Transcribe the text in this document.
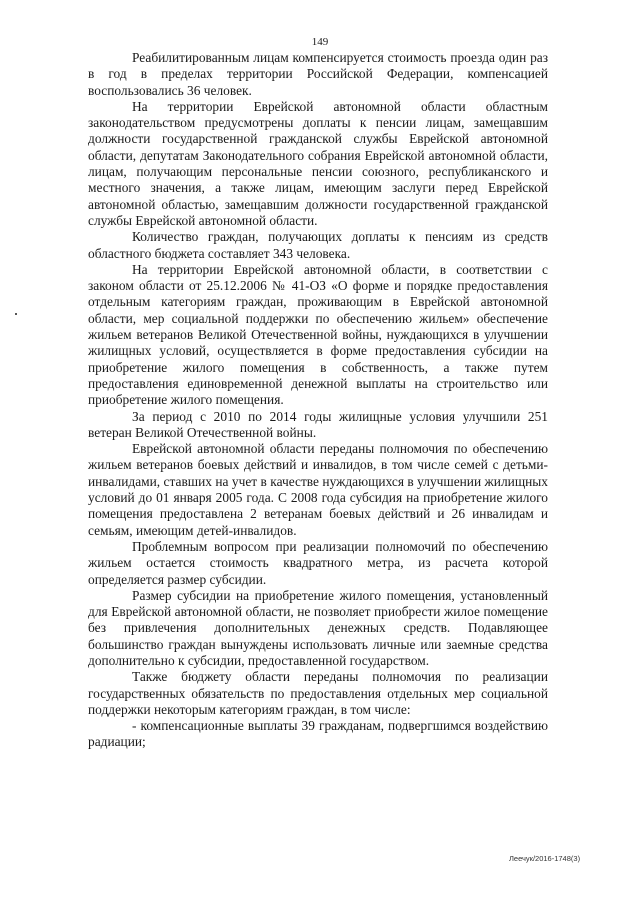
149

Реабилитированным лицам компенсируется стоимость проезда один раз в год в пределах территории Российской Федерации, компенсацией воспользовались 36 человек.

На территории Еврейской автономной области областным законодательством предусмотрены доплаты к пенсии лицам, замещавшим должности государственной гражданской службы Еврейской автономной области, депутатам Законодательного собрания Еврейской автономной области, лицам, получающим персональные пенсии союзного, республиканского и местного значения, а также лицам, имеющим заслуги перед Еврейской автономной областью, замещавшим должности государственной гражданской службы Еврейской автономной области.

Количество граждан, получающих доплаты к пенсиям из средств областного бюджета составляет 343 человека.

На территории Еврейской автономной области, в соответствии с законом области от 25.12.2006 № 41-ОЗ «О форме и порядке предоставления отдельным категориям граждан, проживающим в Еврейской автономной области, мер социальной поддержки по обеспечению жильем» обеспечение жильем ветеранов Великой Отечественной войны, нуждающихся в улучшении жилищных условий, осуществляется в форме предоставления субсидии на приобретение жилого помещения в собственность, а также путем предоставления единовременной денежной выплаты на строительство или приобретение жилого помещения.

За период с 2010 по 2014 годы жилищные условия улучшили 251 ветеран Великой Отечественной войны.

Еврейской автономной области переданы полномочия по обеспечению жильем ветеранов боевых действий и инвалидов, в том числе семей с детьми-инвалидами, ставших на учет в качестве нуждающихся в улучшении жилищных условий до 01 января 2005 года. С 2008 года субсидия на приобретение жилого помещения предоставлена 2 ветеранам боевых действий и 26 инвалидам и семьям, имеющим детей-инвалидов.

Проблемным вопросом при реализации полномочий по обеспечению жильем остается стоимость квадратного метра, из расчета которой определяется размер субсидии.

Размер субсидии на приобретение жилого помещения, установленный для Еврейской автономной области, не позволяет приобрести жилое помещение без привлечения дополнительных денежных средств. Подавляющее большинство граждан вынуждены использовать личные или заемные средства дополнительно к субсидии, предоставленной государством.

Также бюджету области переданы полномочия по реализации государственных обязательств по предоставления отдельных мер социальной поддержки некоторым категориям граждан, в том числе:

- компенсационные выплаты 39 гражданам, подвергшимся воздействию радиации;

Леечук/2016-1748(3)
